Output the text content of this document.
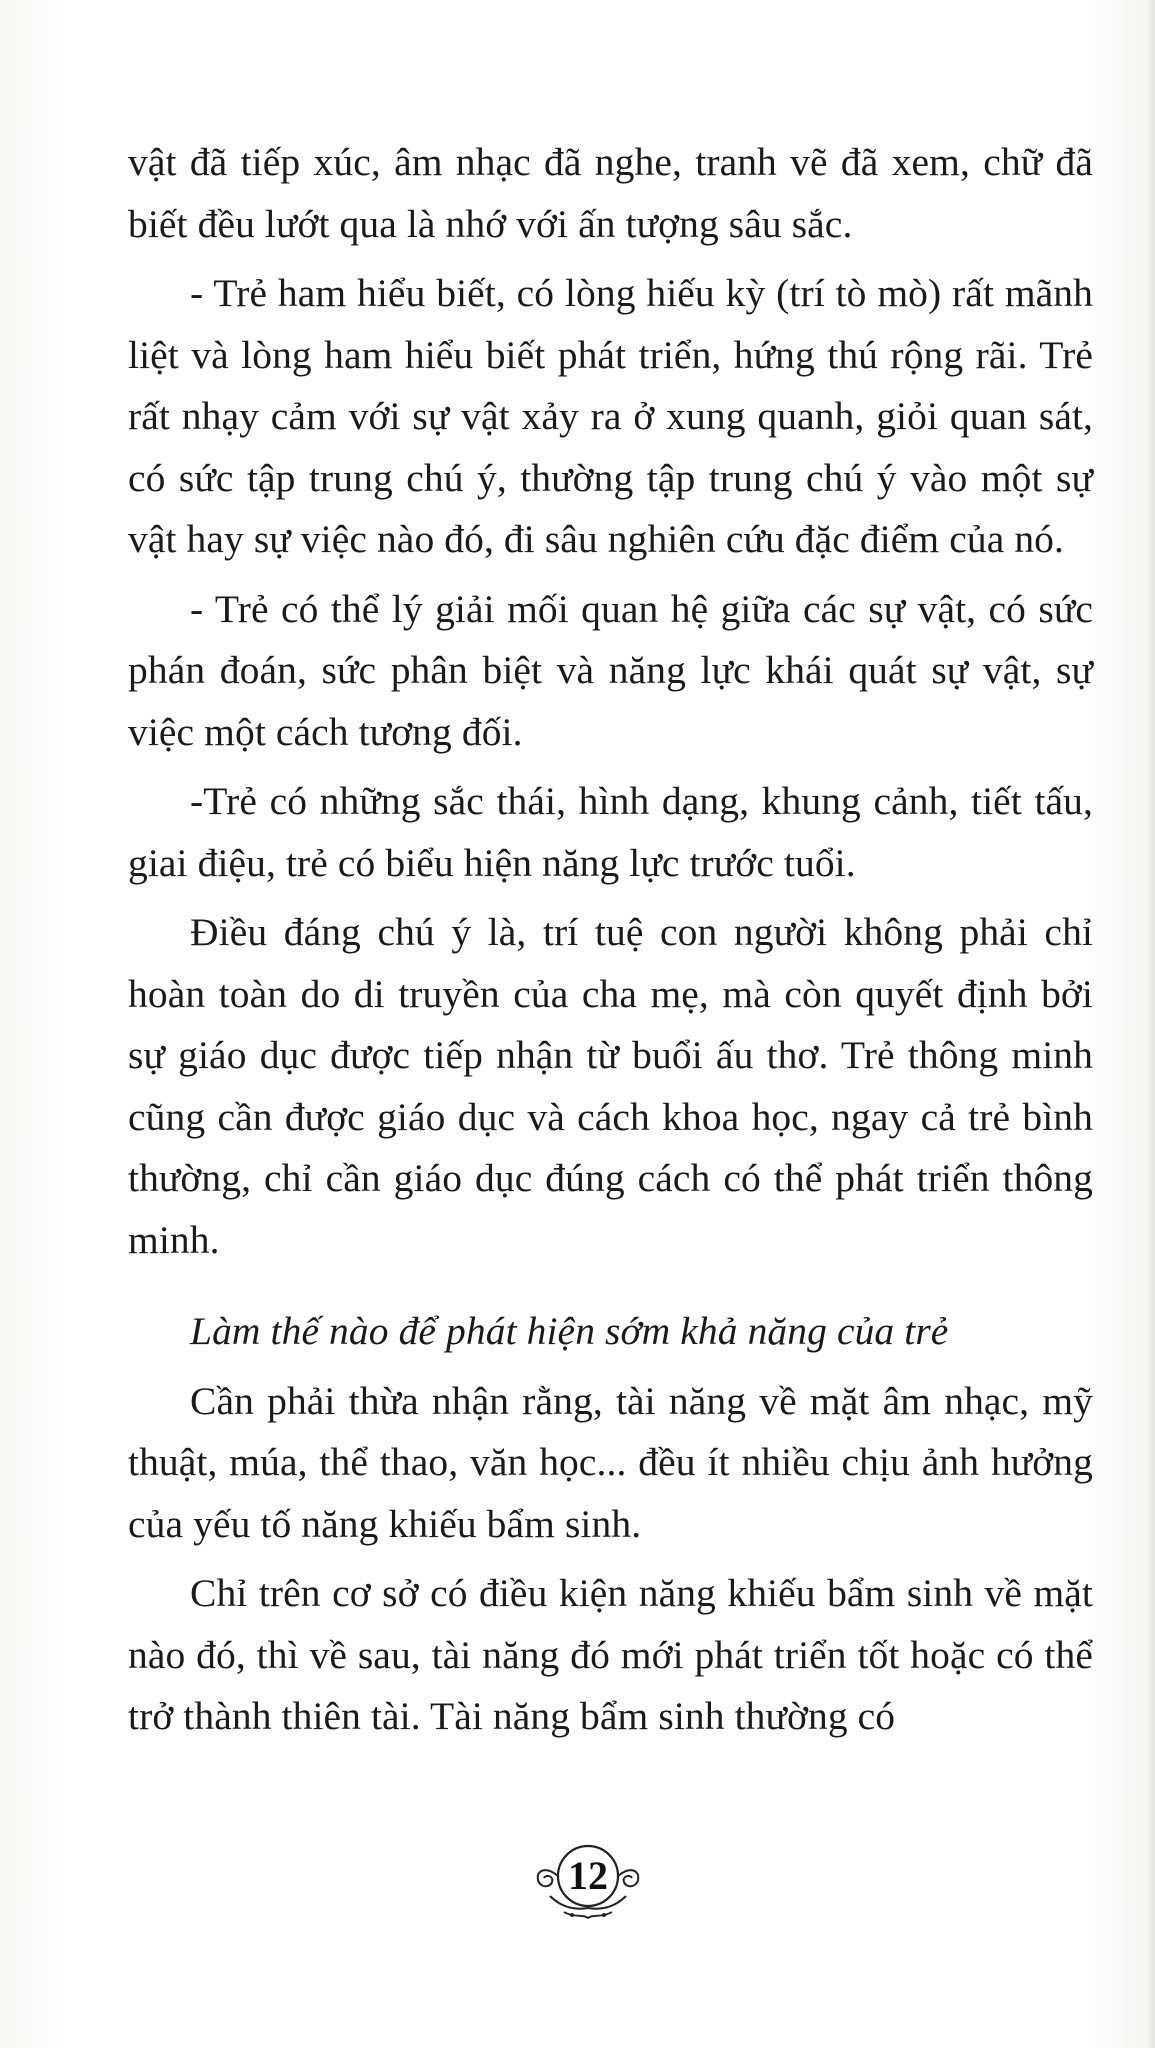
vật đã tiếp xúc, âm nhạc đã nghe, tranh vẽ đã xem, chữ đã biết đều lướt qua là nhớ với ấn tượng sâu sắc.

- Trẻ ham hiểu biết, có lòng hiếu kỳ (trí tò mò) rất mãnh liệt và lòng ham hiểu biết phát triển, hứng thú rộng rãi. Trẻ rất nhạy cảm với sự vật xảy ra ở xung quanh, giỏi quan sát, có sức tập trung chú ý, thường tập trung chú ý vào một sự vật hay sự việc nào đó, đi sâu nghiên cứu đặc điểm của nó.

- Trẻ có thể lý giải mối quan hệ giữa các sự vật, có sức phán đoán, sức phân biệt và năng lực khái quát sự vật, sự việc một cách tương đối.

-Trẻ có những sắc thái, hình dạng, khung cảnh, tiết tấu, giai điệu, trẻ có biểu hiện năng lực trước tuổi.

Điều đáng chú ý là, trí tuệ con người không phải chỉ hoàn toàn do di truyền của cha mẹ, mà còn quyết định bởi sự giáo dục được tiếp nhận từ buổi ấu thơ. Trẻ thông minh cũng cần được giáo dục và cách khoa học, ngay cả trẻ bình thường, chỉ cần giáo dục đúng cách có thể phát triển thông minh.

Làm thế nào để phát hiện sớm khả năng của trẻ

Cần phải thừa nhận rằng, tài năng về mặt âm nhạc, mỹ thuật, múa, thể thao, văn học... đều ít nhiều chịu ảnh hưởng của yếu tố năng khiếu bẩm sinh.

Chỉ trên cơ sở có điều kiện năng khiếu bẩm sinh về mặt nào đó, thì về sau, tài năng đó mới phát triển tốt hoặc có thể trở thành thiên tài. Tài năng bẩm sinh thường có

12
